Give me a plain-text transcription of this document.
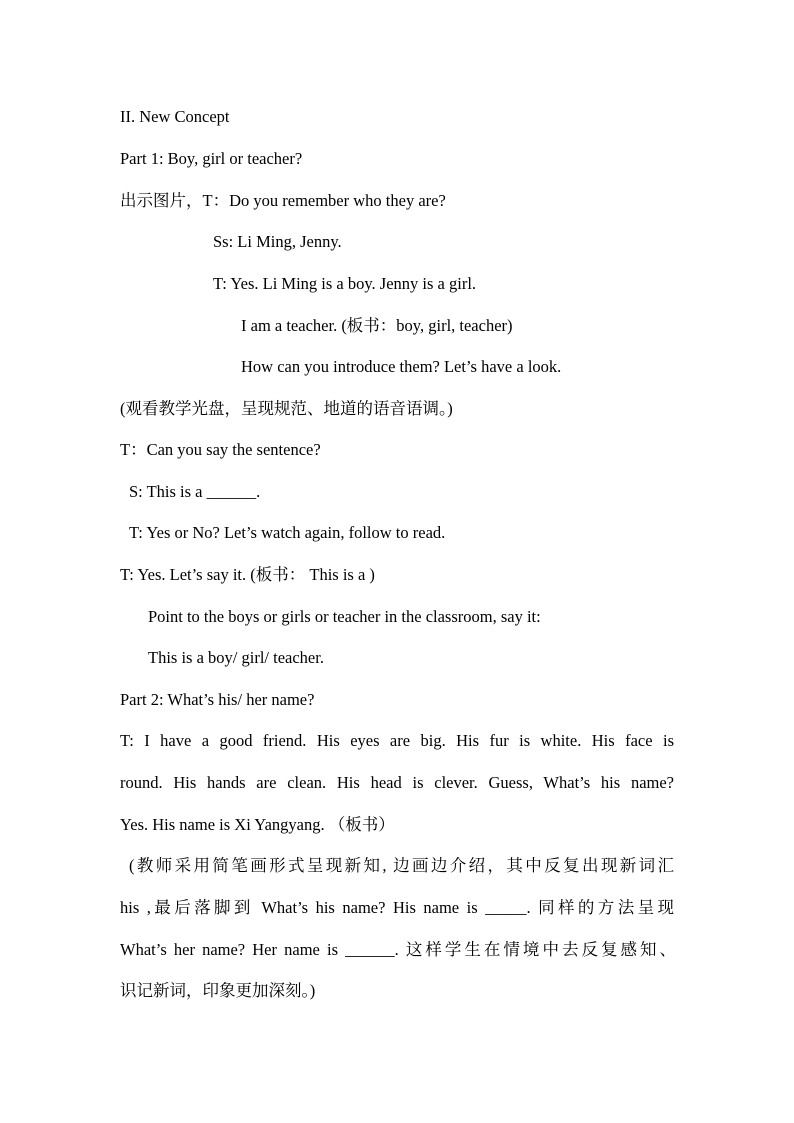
II. New Concept
Part 1: Boy, girl or teacher?
出示图片，T：Do you remember who they are?
Ss: Li Ming, Jenny.
T: Yes. Li Ming is a boy. Jenny is a girl.
I am a teacher. (板书：boy, girl, teacher)
How can you introduce them? Let’s have a look.
(观看教学光盘，呈现规范、地道的语音语调。)
T：Can you say the sentence?
S: This is a ______.
T: Yes or No? Let’s watch again, follow to read.
T: Yes. Let’s say it. (板书： This is a )
Point to the boys or girls or teacher in the classroom, say it:
This is a boy/ girl/ teacher.
Part 2: What’s his/ her name?
T: I have a good friend. His eyes are big. His fur is white. His face is
round. His hands are clean. His head is clever. Guess, What’s his name?
Yes. His name is Xi Yangyang. （板书）
(教师采用简笔画形式呈现新知, 边画边介绍，其中反复出现新词汇
his ,最后落脚到 What’s his name? His name is _____. 同样的方法呈现
What’s her name? Her name is ______. 这样学生在情境中去反复感知、
识记新词，印象更加深刻。)
